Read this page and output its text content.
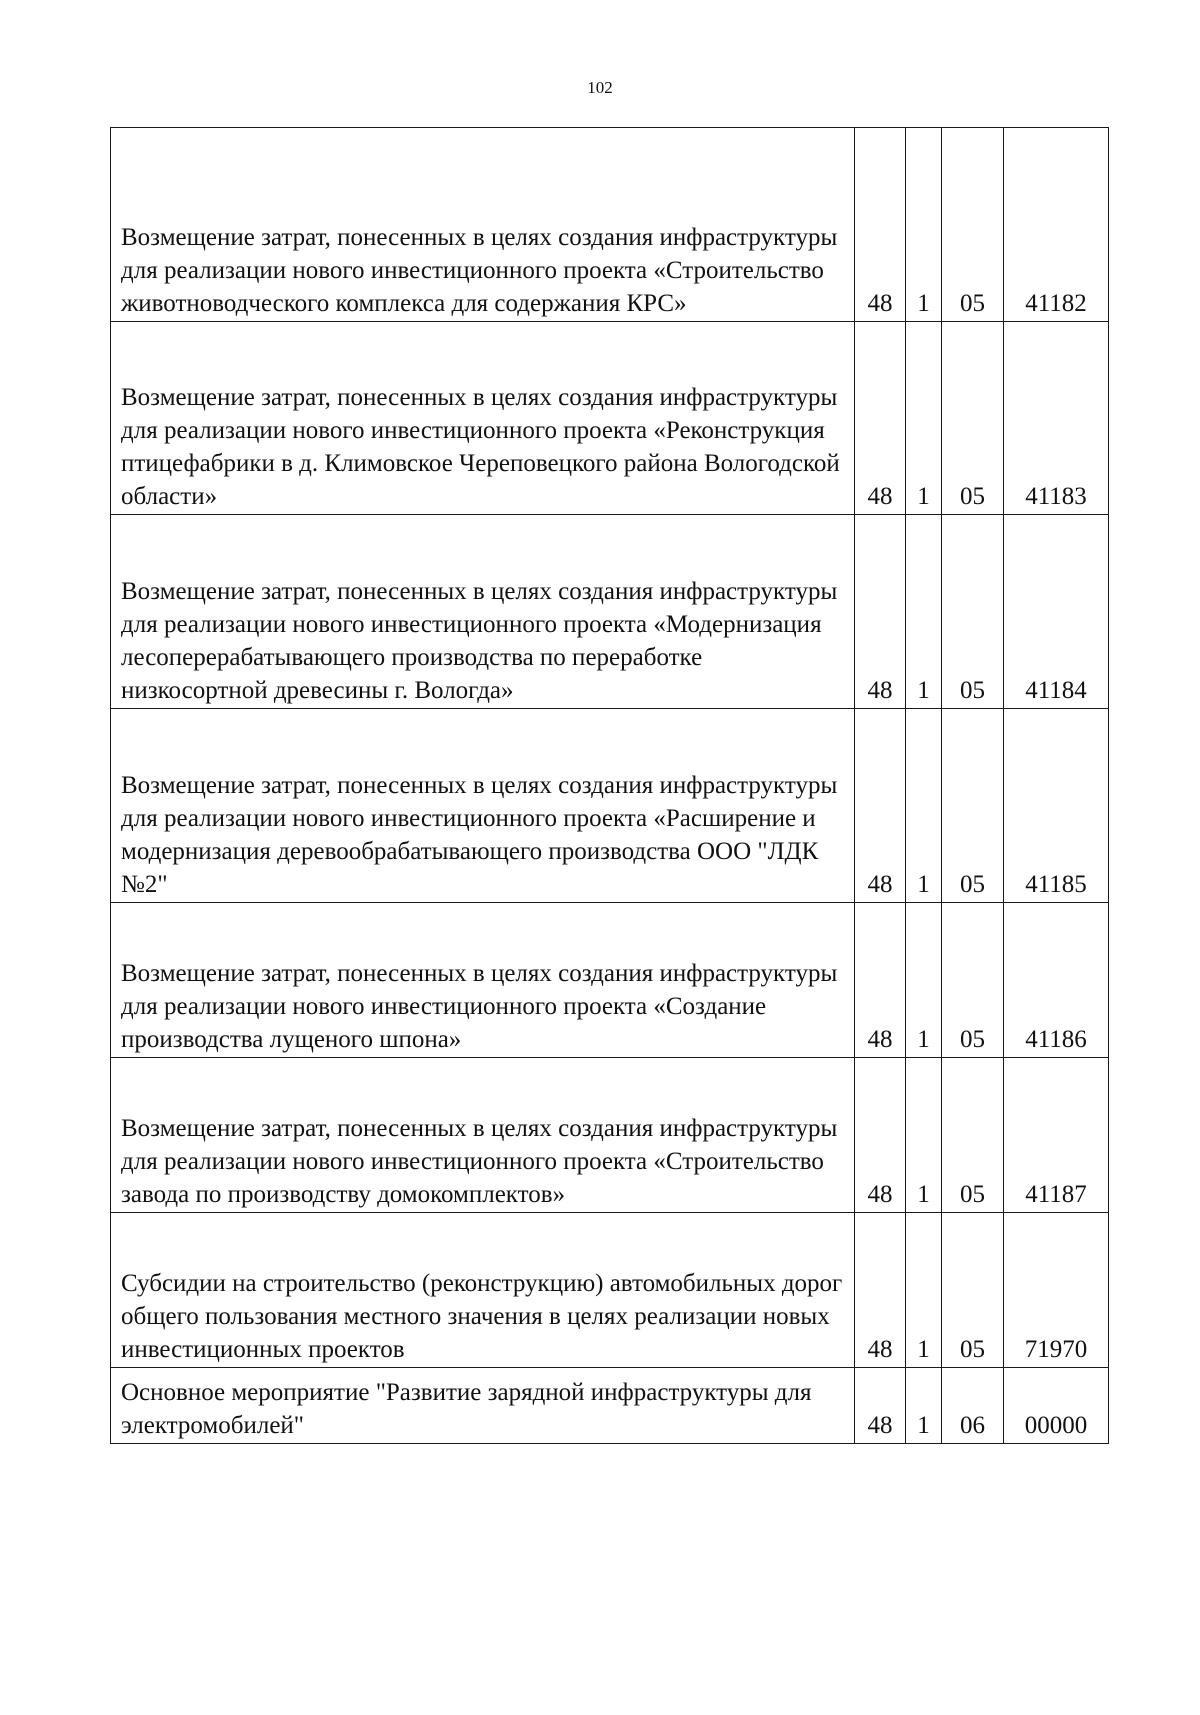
102
Возмещение затрат, понесенных в целях создания инфраструктуры для реализации нового инвестиционного проекта «Строительство животноводческого комплекса для содержания КРС»	48	1	05	41182
Возмещение затрат, понесенных в целях создания инфраструктуры для реализации нового инвестиционного проекта «Реконструкция птицефабрики в д. Климовское Череповецкого района Вологодской области»	48	1	05	41183
Возмещение затрат, понесенных в целях создания инфраструктуры для реализации нового инвестиционного проекта «Модернизация лесоперерабатывающего производства по переработке низкосортной древесины г. Вологда»	48	1	05	41184
Возмещение затрат, понесенных в целях создания инфраструктуры для реализации нового инвестиционного проекта «Расширение и модернизация деревообрабатывающего производства ООО "ЛДК №2"	48	1	05	41185
Возмещение затрат, понесенных в целях создания инфраструктуры для реализации нового инвестиционного проекта «Создание производства лущеного шпона»	48	1	05	41186
Возмещение затрат, понесенных в целях создания инфраструктуры для реализации нового инвестиционного проекта «Строительство завода по производству домокомплектов»	48	1	05	41187
Субсидии на строительство (реконструкцию) автомобильных дорог общего пользования местного значения в целях реализации новых инвестиционных проектов	48	1	05	71970
Основное мероприятие "Развитие зарядной инфраструктуры для электромобилей"	48	1	06	00000
